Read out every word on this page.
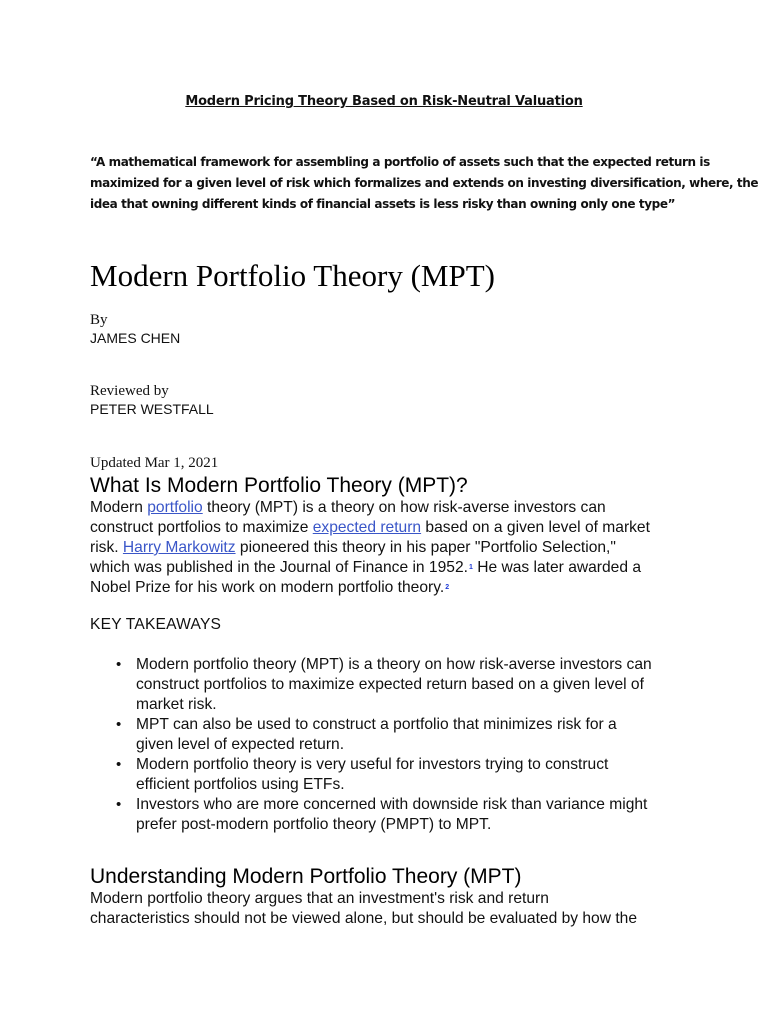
Modern Pricing Theory Based on Risk-Neutral Valuation
“A mathematical framework for assembling a portfolio of assets such that the expected return is
maximized for a given level of risk which formalizes and extends on investing diversification, where, the
idea that owning different kinds of financial assets is less risky than owning only one type”
Modern Portfolio Theory (MPT)
By
JAMES CHEN
Reviewed by
PETER WESTFALL
Updated Mar 1, 2021
What Is Modern Portfolio Theory (MPT)?
Modern portfolio theory (MPT) is a theory on how risk-averse investors can
construct portfolios to maximize expected return based on a given level of market
risk. Harry Markowitz pioneered this theory in his paper "Portfolio Selection,"
which was published in the Journal of Finance in 1952.$^1$ He was later awarded a
Nobel Prize for his work on modern portfolio theory.$^2$
KEY TAKEAWAYS
• Modern portfolio theory (MPT) is a theory on how risk-averse investors can
construct portfolios to maximize expected return based on a given level of
market risk.
• MPT can also be used to construct a portfolio that minimizes risk for a
given level of expected return.
• Modern portfolio theory is very useful for investors trying to construct
efficient portfolios using ETFs.
• Investors who are more concerned with downside risk than variance might
prefer post-modern portfolio theory (PMPT) to MPT.
Understanding Modern Portfolio Theory (MPT)
Modern portfolio theory argues that an investment's risk and return
characteristics should not be viewed alone, but should be evaluated by how the
